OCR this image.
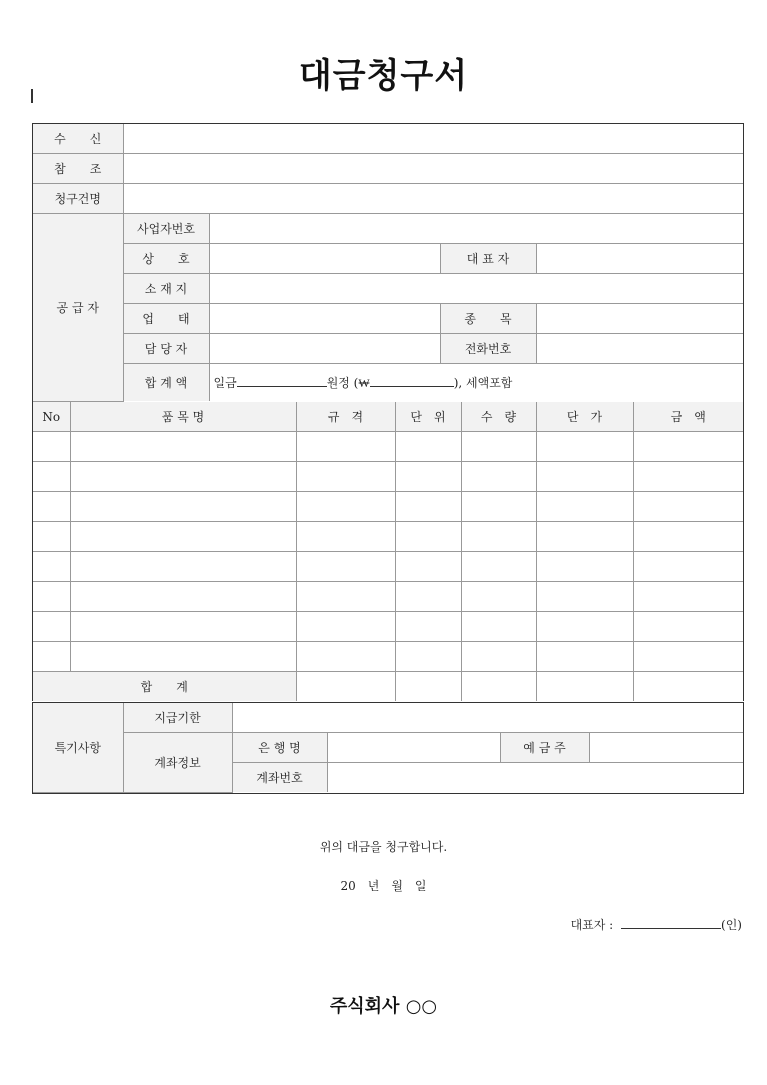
대금청구서
수　　신				
참　　조				
청구건명				
공 급 자	사업자번호			
	상　　호		대 표 자	
	소 재 지			
	업　　태		종　　목	
	담 당 자		전화번호	
	합 계 액	일금 원정 (₩ ), 세액포함		
No	품 목 명	규　격	단　위	수　량	단　가	금　액

합　　계						
특기사항	지급기한				
	계좌정보	은 행 명		예 금 주	
		계좌번호			
위의 대금을 청구합니다.
20　년　월　일
대표자 :	(인)
주식회사 ○○
